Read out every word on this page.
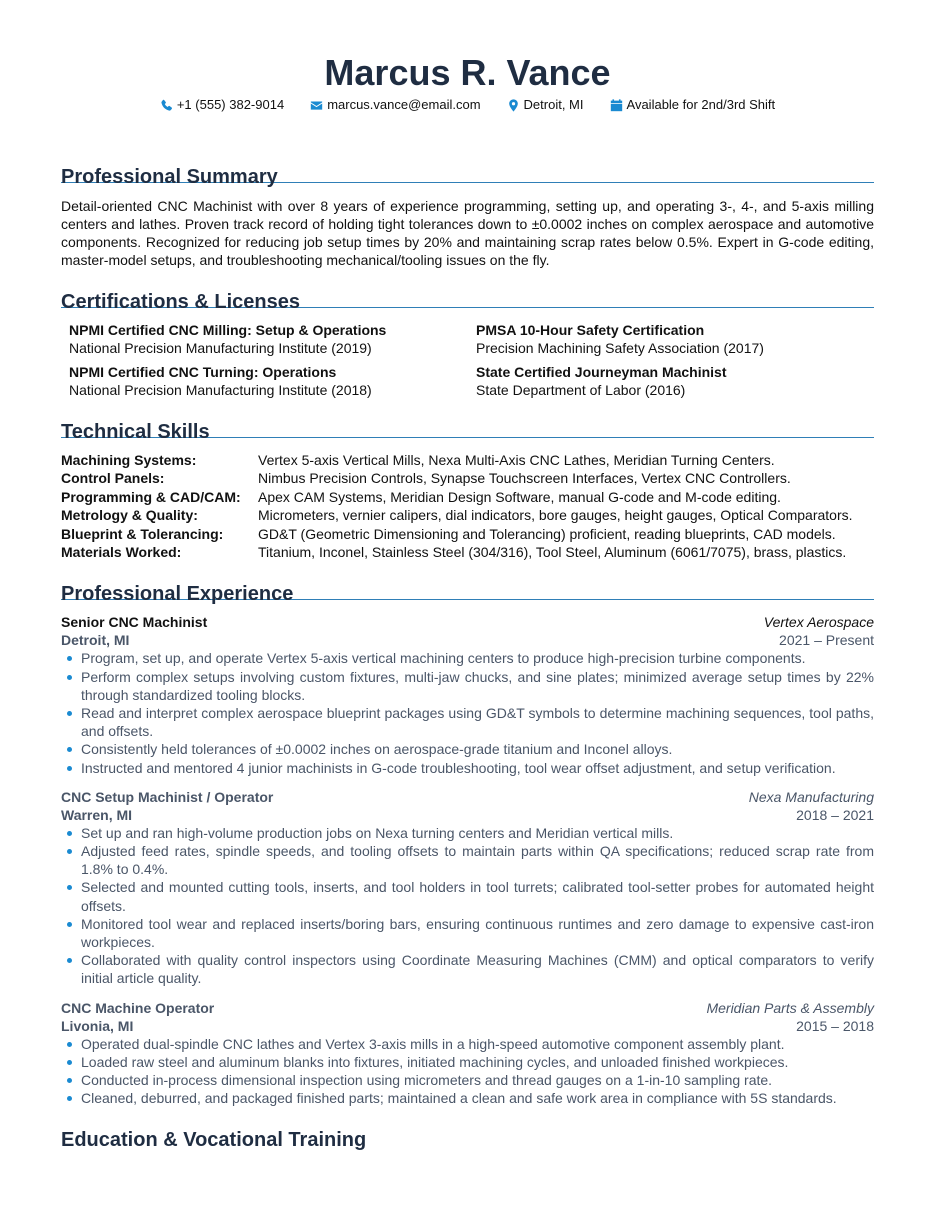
Marcus R. Vance
+1 (555) 382-9014	marcus.vance@email.com	Detroit, MI	Available for 2nd/3rd Shift
Professional Summary

Detail-oriented CNC Machinist with over 8 years of experience programming, setting up, and operating 3-, 4-, and 5-axis milling centers and lathes. Proven track record of holding tight tolerances down to ±0.0002 inches on complex aerospace and automotive components. Recognized for reducing job setup times by 20% and maintaining scrap rates below 0.5%. Expert in G-code editing, master-model setups, and troubleshooting mechanical/tooling issues on the fly.

Certifications & Licenses
NPMI Certified CNC Milling: Setup & Operations
National Precision Manufacturing Institute (2019)
PMSA 10-Hour Safety Certification
Precision Machining Safety Association (2017)
NPMI Certified CNC Turning: Operations
National Precision Manufacturing Institute (2018)
State Certified Journeyman Machinist
State Department of Labor (2016)
Technical Skills
Machining Systems:	Vertex 5-axis Vertical Mills, Nexa Multi-Axis CNC Lathes, Meridian Turning Centers.
Control Panels:	Nimbus Precision Controls, Synapse Touchscreen Interfaces, Vertex CNC Controllers.
Programming & CAD/CAM:	Apex CAM Systems, Meridian Design Software, manual G-code and M-code editing.
Metrology & Quality:	Micrometers, vernier calipers, dial indicators, bore gauges, height gauges, Optical Comparators.
Blueprint & Tolerancing:	GD&T (Geometric Dimensioning and Tolerancing) proficient, reading blueprints, CAD models.
Materials Worked:	Titanium, Inconel, Stainless Steel (304/316), Tool Steel, Aluminum (6061/7075), brass, plastics.
Professional Experience
Senior CNC Machinist	Vertex Aerospace
Detroit, MI	2021 – Present
Program, set up, and operate Vertex 5-axis vertical machining centers to produce high-precision turbine components.
Perform complex setups involving custom fixtures, multi-jaw chucks, and sine plates; minimized average setup times by 22% through standardized tooling blocks.
Read and interpret complex aerospace blueprint packages using GD&T symbols to determine machining sequences, tool paths, and offsets.
Consistently held tolerances of ±0.0002 inches on aerospace-grade titanium and Inconel alloys.
Instructed and mentored 4 junior machinists in G-code troubleshooting, tool wear offset adjustment, and setup verification.
CNC Setup Machinist / Operator	Nexa Manufacturing
Warren, MI	2018 – 2021
Set up and ran high-volume production jobs on Nexa turning centers and Meridian vertical mills.
Adjusted feed rates, spindle speeds, and tooling offsets to maintain parts within QA specifications; reduced scrap rate from 1.8% to 0.4%.
Selected and mounted cutting tools, inserts, and tool holders in tool turrets; calibrated tool-setter probes for automated height offsets.
Monitored tool wear and replaced inserts/boring bars, ensuring continuous runtimes and zero damage to expensive cast-iron workpieces.
Collaborated with quality control inspectors using Coordinate Measuring Machines (CMM) and optical comparators to verify initial article quality.
CNC Machine Operator	Meridian Parts & Assembly
Livonia, MI	2015 – 2018
Operated dual-spindle CNC lathes and Vertex 3-axis mills in a high-speed automotive component assembly plant.
Loaded raw steel and aluminum blanks into fixtures, initiated machining cycles, and unloaded finished workpieces.
Conducted in-process dimensional inspection using micrometers and thread gauges on a 1-in-10 sampling rate.
Cleaned, deburred, and packaged finished parts; maintained a clean and safe work area in compliance with 5S standards.
Education & Vocational Training
